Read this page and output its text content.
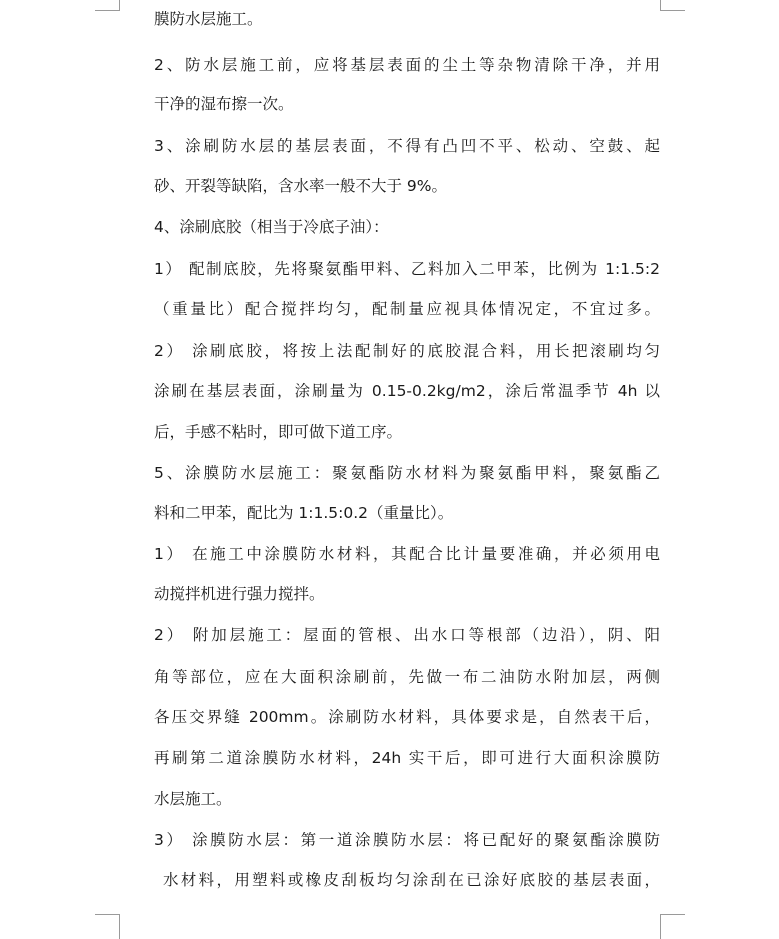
膜防水层施工。
2、防水层施工前，应将基层表面的尘土等杂物清除干净，并用
干净的湿布擦一次。
3、涂刷防水层的基层表面，不得有凸凹不平、松动、空鼓、起
砂、开裂等缺陷，含水率一般不大于 9%。
4、涂刷底胶（相当于冷底子油）：
1） 配制底胶，先将聚氨酯甲料、乙料加入二甲苯，比例为 1:1.5:2
（重量比）配合搅拌均匀，配制量应视具体情况定，不宜过多。
2） 涂刷底胶，将按上法配制好的底胶混合料，用长把滚刷均匀
涂刷在基层表面，涂刷量为 0.15-0.2kg/m2，涂后常温季节 4h 以
后，手感不粘时，即可做下道工序。
5、涂膜防水层施工：聚氨酯防水材料为聚氨酯甲料，聚氨酯乙
料和二甲苯，配比为 1:1.5:0.2（重量比）。
1） 在施工中涂膜防水材料，其配合比计量要准确，并必须用电
动搅拌机进行强力搅拌。
2） 附加层施工：屋面的管根、出水口等根部（边沿），阴、阳
角等部位，应在大面积涂刷前，先做一布二油防水附加层，两侧
各压交界缝 200mm。涂刷防水材料，具体要求是，自然表干后，
再刷第二道涂膜防水材料，24h 实干后，即可进行大面积涂膜防
水层施工。
3） 涂膜防水层：第一道涂膜防水层：将已配好的聚氨酯涂膜防
水材料，用塑料或橡皮刮板均匀涂刮在已涂好底胶的基层表面，
